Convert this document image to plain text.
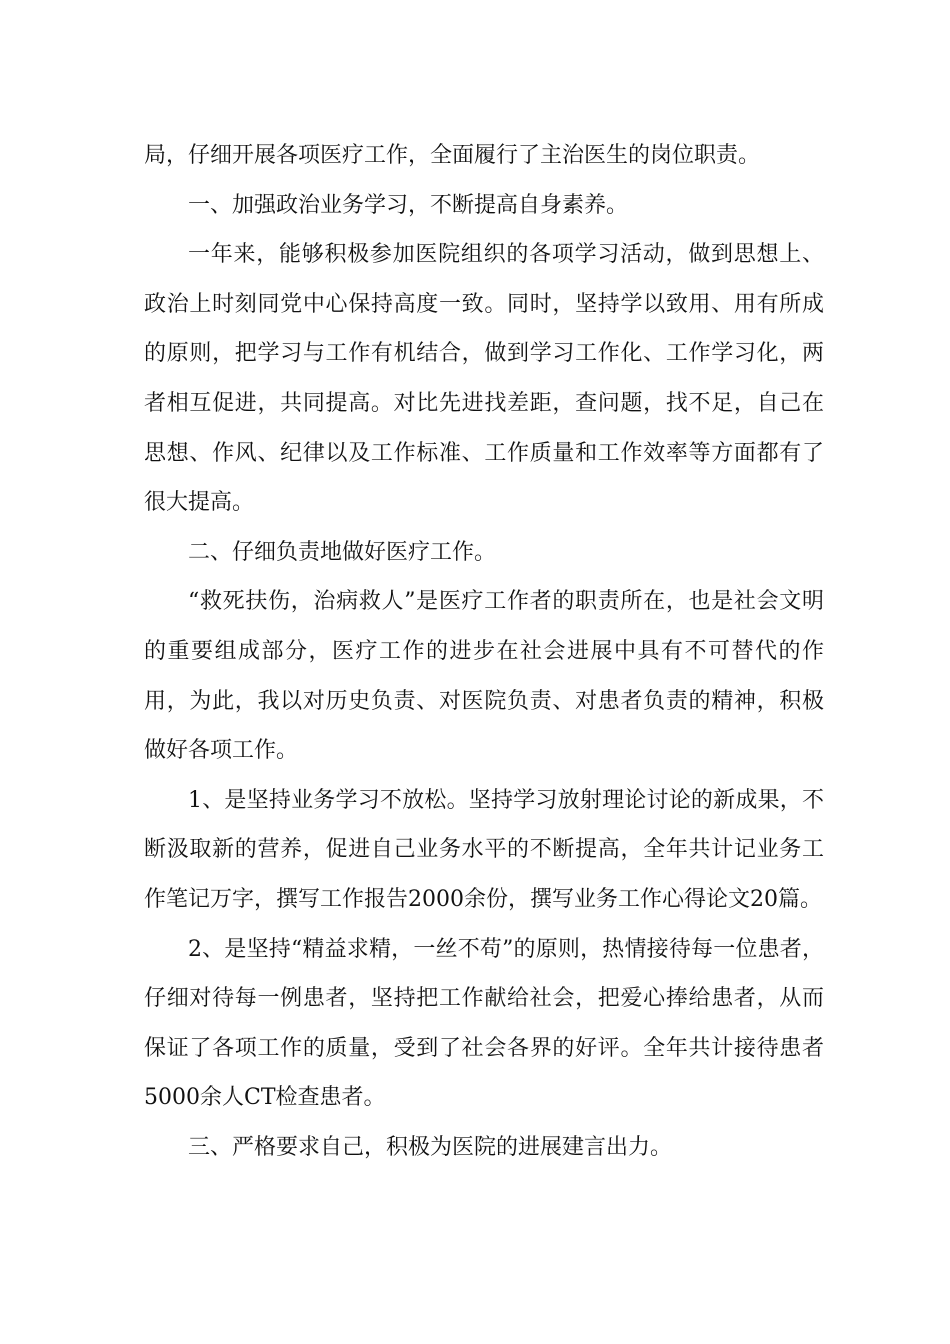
局，仔细开展各项医疗工作，全面履行了主治医生的岗位职责。

一、加强政治业务学习，不断提高自身素养。

一年来，能够积极参加医院组织的各项学习活动，做到思想上、政治上时刻同党中心保持高度一致。同时，坚持学以致用、用有所成的原则，把学习与工作有机结合，做到学习工作化、工作学习化，两者相互促进，共同提高。对比先进找差距，查问题，找不足，自己在思想、作风、纪律以及工作标准、工作质量和工作效率等方面都有了很大提高。

二、仔细负责地做好医疗工作。

“救死扶伤，治病救人”是医疗工作者的职责所在，也是社会文明的重要组成部分，医疗工作的进步在社会进展中具有不可替代的作用，为此，我以对历史负责、对医院负责、对患者负责的精神，积极做好各项工作。

1、是坚持业务学习不放松。坚持学习放射理论讨论的新成果，不断汲取新的营养，促进自己业务水平的不断提高，全年共计记业务工作笔记万字，撰写工作报告2000余份，撰写业务工作心得论文20篇。

2、是坚持“精益求精，一丝不苟”的原则，热情接待每一位患者，仔细对待每一例患者，坚持把工作献给社会，把爱心捧给患者，从而保证了各项工作的质量，受到了社会各界的好评。全年共计接待患者5000余人CT检查患者。

三、严格要求自己，积极为医院的进展建言出力。
